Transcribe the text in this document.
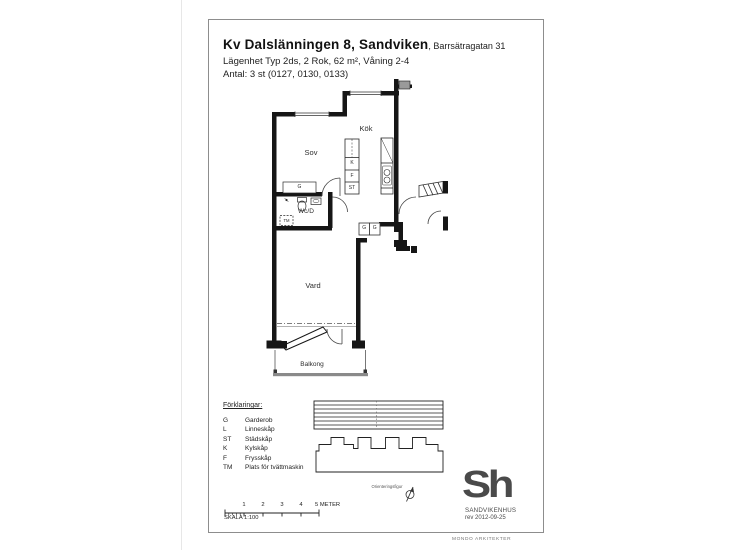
Kv Dalslänningen 8, Sandviken, Barrsätragatan 31
Lägenhet Typ 2ds, 2 Rok, 62 m², Våning 2-4
Antal: 3 st (0127, 0130, 0133)
Sov
Kök
Wc/D
Vard
Balkong
G
K
F
ST
TM
G	G
Förklaringar:
G	Garderob
L	Linneskåp
ST	Städskåp
K	Kylskåp
F	Frysskåp
TM	Plats för tvättmaskin
Orienteringsfigur
1	2	3	4	5 METER
SKALA 1:100
Sh
SANDVIKENHUS
rev 2012-09-25
MONDO ARKITEKTER
